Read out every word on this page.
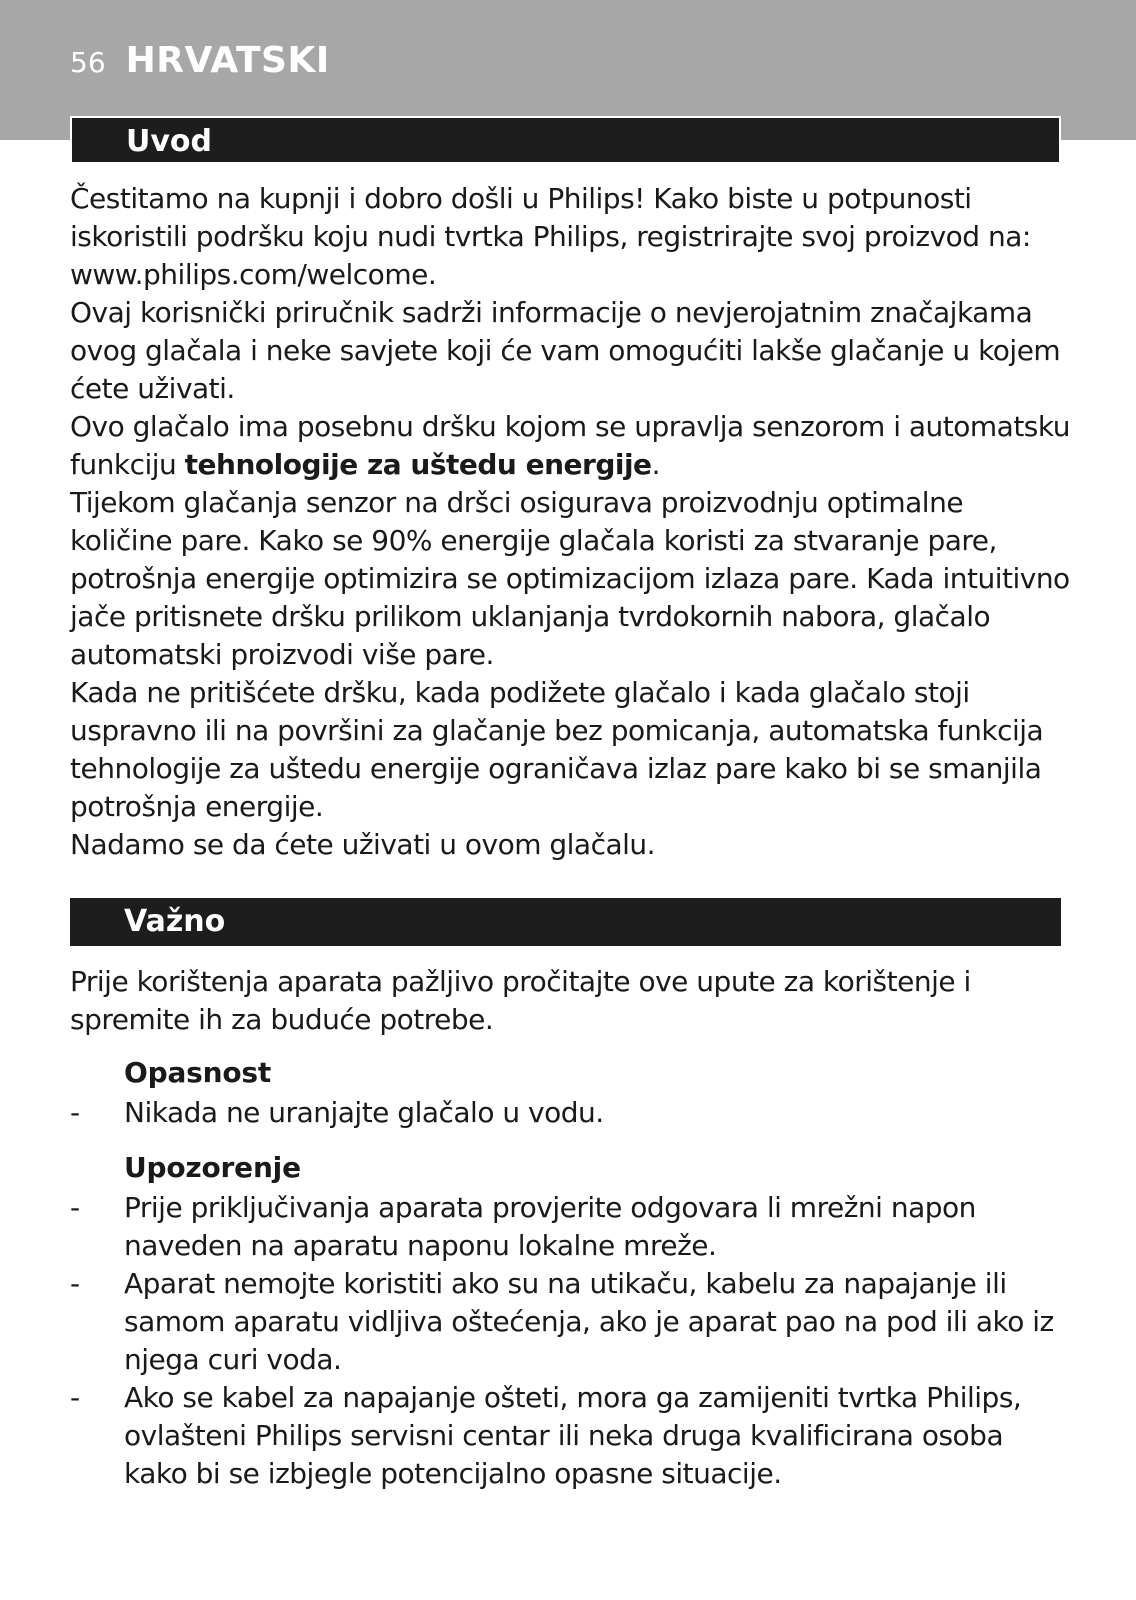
56 HRVATSKI
Uvod

Čestitamo na kupnji i dobro došli u Philips! Kako biste u potpunosti iskoristili podršku koju nudi tvrtka Philips, registrirajte svoj proizvod na: www.philips.com/welcome.

Ovaj korisnički priručnik sadrži informacije o nevjerojatnim značajkama ovog glačala i neke savjete koji će vam omogućiti lakše glačanje u kojem ćete uživati.

Ovo glačalo ima posebnu dršku kojom se upravlja senzorom i automatsku funkciju tehnologije za uštedu energije.

Tijekom glačanja senzor na dršci osigurava proizvodnju optimalne količine pare. Kako se 90% energije glačala koristi za stvaranje pare, potrošnja energije optimizira se optimizacijom izlaza pare. Kada intuitivno jače pritisnete dršku prilikom uklanjanja tvrdokornih nabora, glačalo automatski proizvodi više pare.

Kada ne pritišćete dršku, kada podižete glačalo i kada glačalo stoji uspravno ili na površini za glačanje bez pomicanja, automatska funkcija tehnologije za uštedu energije ograničava izlaz pare kako bi se smanjila potrošnja energije.

Nadamo se da ćete uživati u ovom glačalu.

Važno

Prije korištenja aparata pažljivo pročitajte ove upute za korištenje i spremite ih za buduće potrebe.

Opasnost
-	Nikada ne uranjajte glačalo u vodu.
Upozorenje
-	Prije priključivanja aparata provjerite odgovara li mrežni napon naveden na aparatu naponu lokalne mreže.
-	Aparat nemojte koristiti ako su na utikaču, kabelu za napajanje ili samom aparatu vidljiva oštećenja, ako je aparat pao na pod ili ako iz njega curi voda.
-	Ako se kabel za napajanje ošteti, mora ga zamijeniti tvrtka Philips, ovlašteni Philips servisni centar ili neka druga kvalificirana osoba kako bi se izbjegle potencijalno opasne situacije.
